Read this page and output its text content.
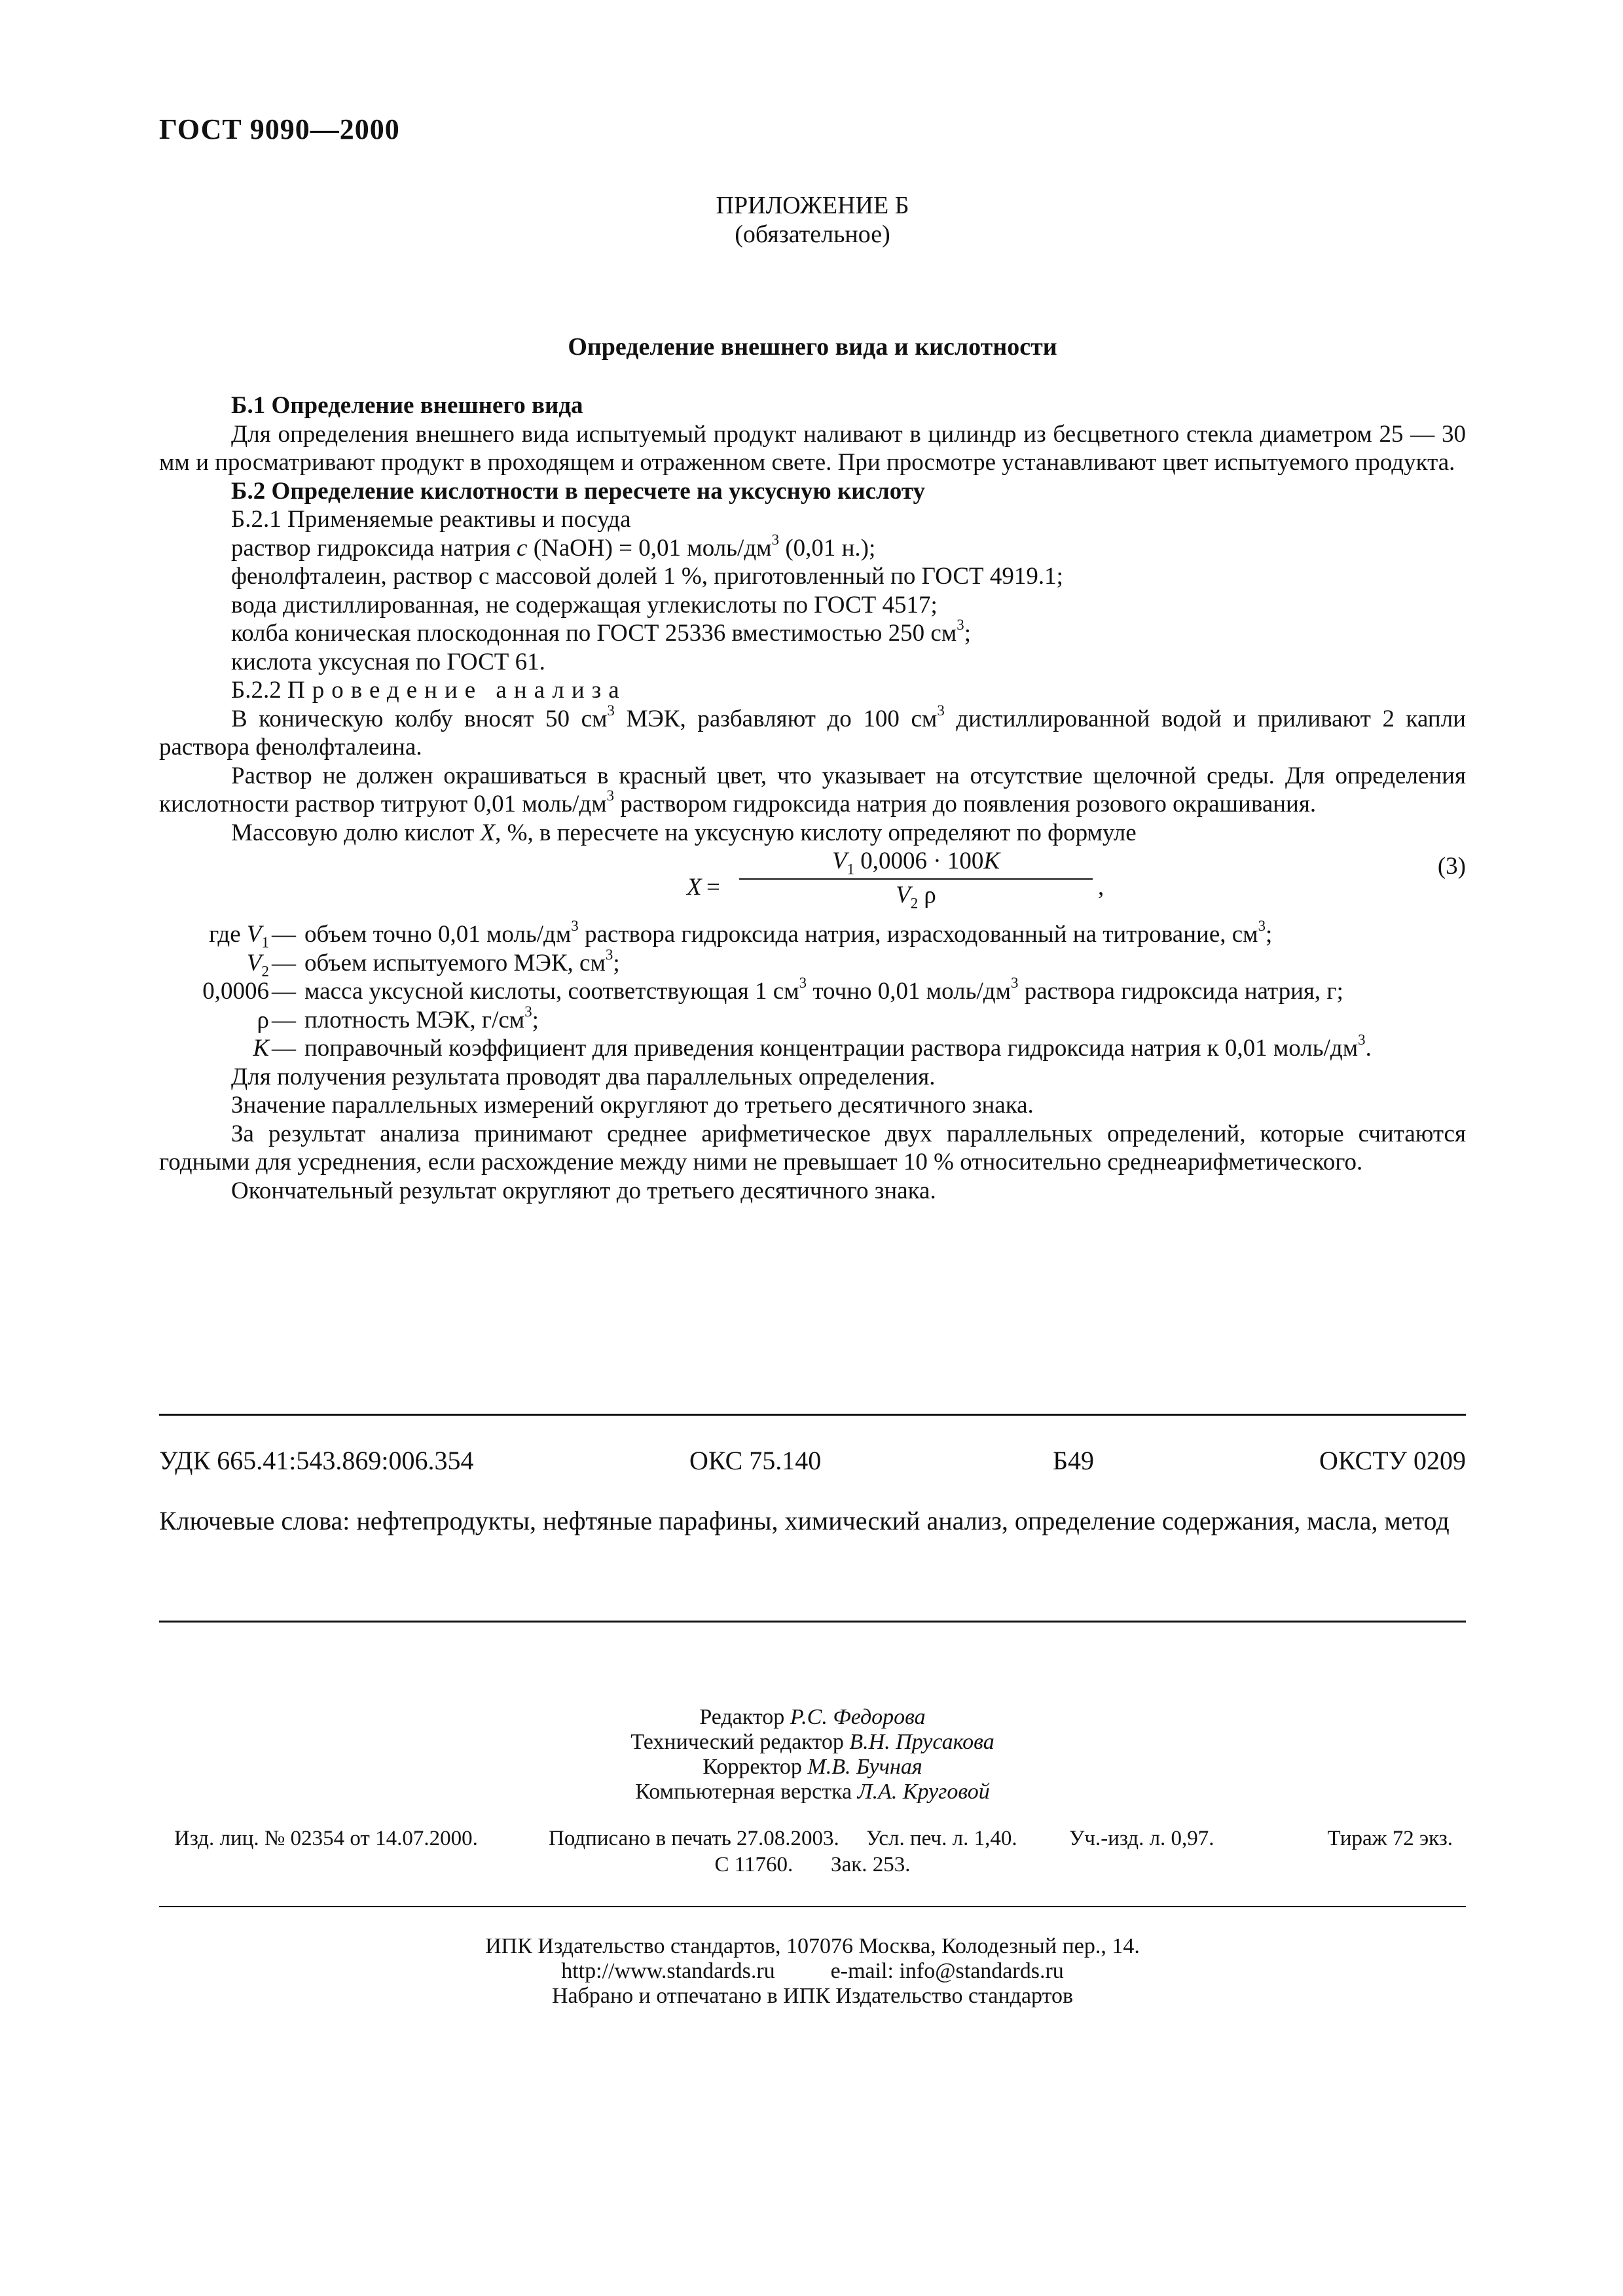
ГОСТ 9090—2000
ПРИЛОЖЕНИЕ Б
(обязательное)
Определение внешнего вида и кислотности

Б.1 Определение внешнего вида

Для определения внешнего вида испытуемый продукт наливают в цилиндр из бесцветного стекла диаметром 25 — 30 мм и просматривают продукт в проходящем и отраженном свете. При просмотре устанавливают цвет испытуемого продукта.

Б.2 Определение кислотности в пересчете на уксусную кислоту

Б.2.1 Применяемые реактивы и посуда

раствор гидроксида натрия c (NaOH) = 0,01 моль/$дм^3$ (0,01 н.);

фенолфталеин, раствор с массовой долей 1 %, приготовленный по ГОСТ 4919.1;

вода дистиллированная, не содержащая углекислоты по ГОСТ 4517;

колба коническая плоскодонная по ГОСТ 25336 вместимостью 250 $см^3$;

кислота уксусная по ГОСТ 61.

Б.2.2 Проведение анализа

В коническую колбу вносят 50 $см^3$ МЭК, разбавляют до 100 $см^3$ дистиллированной водой и приливают 2 капли раствора фенолфталеина.

Раствор не должен окрашиваться в красный цвет, что указывает на отсутствие щелочной среды. Для определения кислотности раствор титруют 0,01 моль/$дм^3$ раствором гидроксида натрия до появления розового окрашивания.

Массовую долю кислот X, %, в пересчете на уксусную кислоту определяют по формуле

$X = \frac{V_1 0,0006 \cdot 100K}{V_2 \rho}$ ,
(3)
где $V_1$ — объем точно 0,01 моль/$дм^3$ раствора гидроксида натрия, израсходованный на титрование, $см^3$;
$V_2$ — объем испытуемого МЭК, $см^3$;
0,0006 — масса уксусной кислоты, соответствующая 1 $см^3$ точно 0,01 моль/$дм^3$ раствора гидроксида натрия, г;
ρ — плотность МЭК, $г/см^3$;
K — поправочный коэффициент для приведения концентрации раствора гидроксида натрия к 0,01 моль/$дм^3$.

Для получения результата проводят два параллельных определения.

Значение параллельных измерений округляют до третьего десятичного знака.

За результат анализа принимают среднее арифметическое двух параллельных определений, которые считаются годными для усреднения, если расхождение между ними не превышает 10 % относительно среднеарифметического.

Окончательный результат округляют до третьего десятичного знака.

УДК 665.41:543.869:006.354	ОКС 75.140	Б49	ОКСТУ 0209
Ключевые слова: нефтепродукты, нефтяные парафины, химический анализ, определение содержания, масла, метод
Редактор Р.С. Федорова
Технический редактор В.Н. Прусакова
Корректор М.В. Бучная
Компьютерная верстка Л.А. Круговой
Изд. лиц. № 02354 от 14.07.2000.	Подписано в печать 27.08.2003. Усл. печ. л. 1,40. Уч.-изд. л. 0,97.	Тираж 72 экз.
С 11760. Зак. 253.
ИПК Издательство стандартов, 107076 Москва, Колодезный пер., 14.
http://www.standards.ru	e-mail: info@standards.ru
Набрано и отпечатано в ИПК Издательство стандартов
